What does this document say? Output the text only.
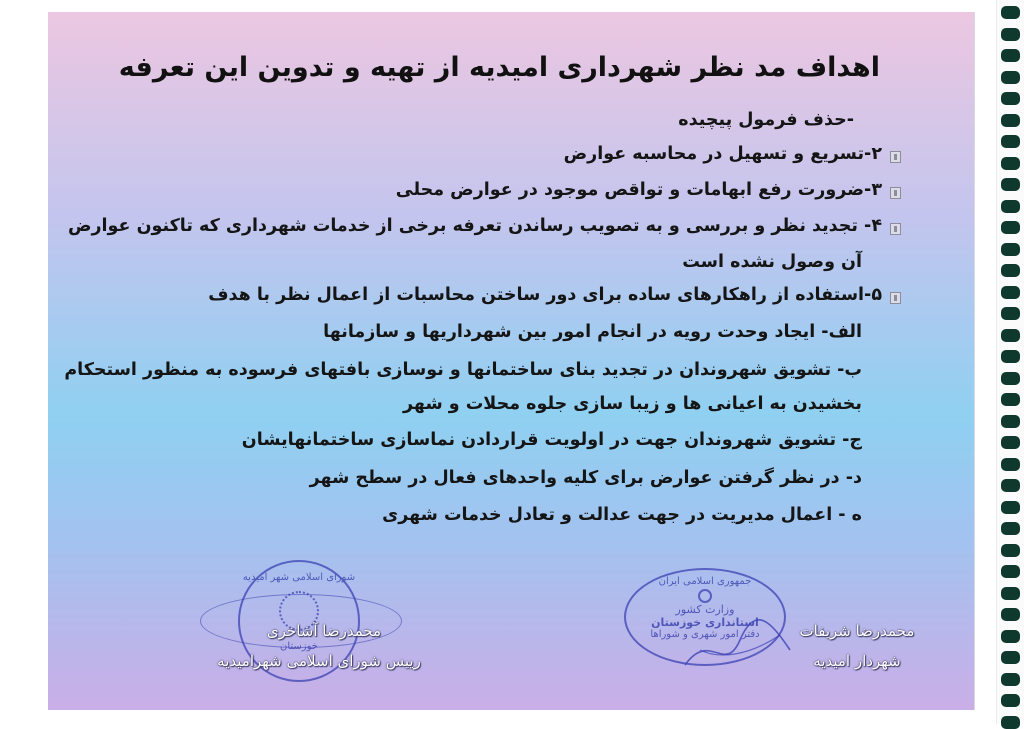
اهداف مد نظر شهرداری امیدیه از تهیه و تدوین این تعرفه
-حذف فرمول پیچیده
۲-تسریع و تسهیل در محاسبه عوارض
۳-ضرورت رفع ابهامات و تواقص موجود در عوارض محلی
۴- تجدید نظر و بررسی و به تصویب رساندن تعرفه برخی از خدمات شهرداری که تاکنون عوارض
آن وصول نشده است
۵-استفاده از راهکارهای ساده برای دور ساختن محاسبات از اعمال نظر با هدف
الف- ایجاد وحدت رویه در انجام امور بین شهرداریها و سازمانها
ب- تشویق شهروندان در تجدید بنای ساختمانها و نوسازی بافتهای فرسوده به منظور استحکام
بخشیدن به اعیانی ها و زیبا سازی جلوه محلات و شهر
ج- تشویق شهروندان جهت در اولویت قراردادن نماسازی ساختمانهایشان
د- در نظر گرفتن عوارض برای کلیه واحدهای فعال در سطح شهر
ه - اعمال مدیریت در جهت عدالت و تعادل خدمات شهری
جمهوری اسلامی ایران
وزارت کشور
استانداری خوزستان
دفتر امور شهری و شوراها
شورای اسلامی شهر امیدیه
خوزستان
محمدرضا شریفات
شهردار امیدیه
محمدرضا آشاخری
رییس شورای اسلامی شهرامیدیه
